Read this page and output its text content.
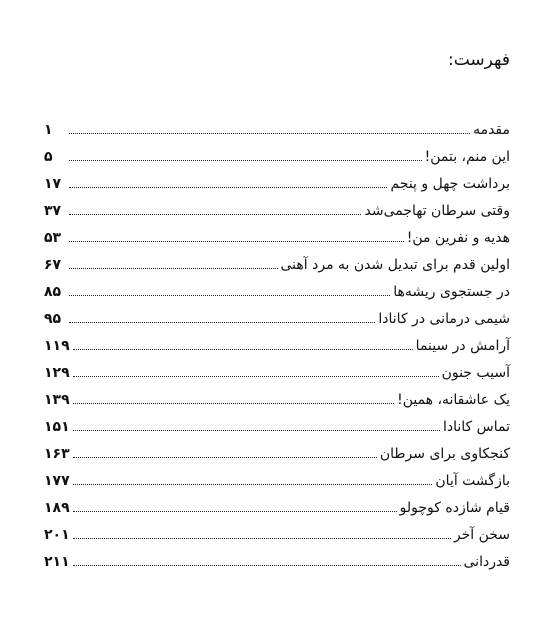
فهرست:
مقدمه
۱
این منم، بتمن!
۵
برداشت چهل و پنجم
۱۷
وقتی سرطان تهاجمی‌شد
۳۷
هدیه و نفرین من!
۵۳
اولین قدم برای تبدیل شدن به مرد آهنی
۶۷
در جستجوی ریشه‌ها
۸۵
شیمی درمانی در کانادا
۹۵
آرامش در سینما
۱۱۹
آسیب جنون
۱۲۹
یک عاشقانه، همین!
۱۳۹
تماس کانادا
۱۵۱
کنجکاوی برای سرطان
۱۶۳
بازگشت آیان
۱۷۷
قیام شازده کوچولو
۱۸۹
سخن آخر
۲۰۱
قدردانی
۲۱۱
